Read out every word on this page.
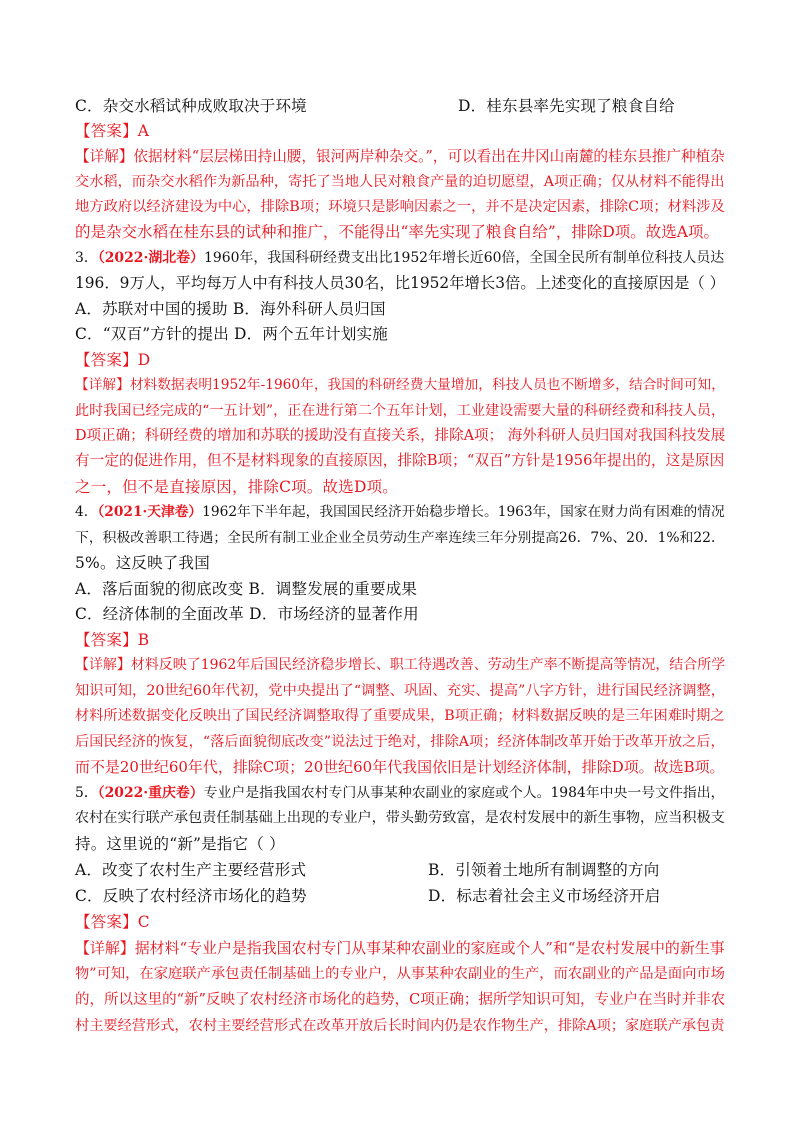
C．杂交水稻试种成败取决于环境	D．桂东县率先实现了粮食自给
【答案】A
【详解】依据材料“层层梯田持山腰，银河两岸种杂交。”，可以看出在井冈山南麓的桂东县推广种植杂
交水稻，而杂交水稻作为新品种，寄托了当地人民对粮食产量的迫切愿望，A项正确；仅从材料不能得出
地方政府以经济建设为中心，排除B项；环境只是影响因素之一，并不是决定因素，排除C项；材料涉及
的是杂交水稻在桂东县的试种和推广，不能得出“率先实现了粮食自给”，排除D项。故选A项。
3．（2022·湖北卷）1960年，我国科研经费支出比1952年增长近60倍，全国全民所有制单位科技人员达
196．9万人，平均每万人中有科技人员30名，比1952年增长3倍。上述变化的直接原因是（ ）
A．苏联对中国的援助 B．海外科研人员归国
C．“双百”方针的提出 D．两个五年计划实施
【答案】D
【详解】材料数据表明1952年-1960年，我国的科研经费大量增加，科技人员也不断增多，结合时间可知，
此时我国已经完成的“一五计划”，正在进行第二个五年计划，工业建设需要大量的科研经费和科技人员，
D项正确；科研经费的增加和苏联的援助没有直接关系，排除A项； 海外科研人员归国对我国科技发展
有一定的促进作用，但不是材料现象的直接原因，排除B项；“双百”方针是1956年提出的，这是原因
之一，但不是直接原因，排除C项。故选D项。
4．（2021·天津卷）1962年下半年起，我国国民经济开始稳步增长。1963年，国家在财力尚有困难的情况
下，积极改善职工待遇；全民所有制工业企业全员劳动生产率连续三年分别提高26．7%、20．1%和22．
5%。这反映了我国
A．落后面貌的彻底改变 B．调整发展的重要成果
C．经济体制的全面改革 D．市场经济的显著作用
【答案】B
【详解】材料反映了1962年后国民经济稳步增长、职工待遇改善、劳动生产率不断提高等情况，结合所学
知识可知，20世纪60年代初，党中央提出了“调整、巩固、充实、提高”八字方针，进行国民经济调整，
材料所述数据变化反映出了国民经济调整取得了重要成果，B项正确；材料数据反映的是三年困难时期之
后国民经济的恢复，“落后面貌彻底改变”说法过于绝对，排除A项；经济体制改革开始于改革开放之后，
而不是20世纪60年代，排除C项；20世纪60年代我国依旧是计划经济体制，排除D项。故选B项。
5．（2022·重庆卷）专业户是指我国农村专门从事某种农副业的家庭或个人。1984年中央一号文件指出，
农村在实行联产承包责任制基础上出现的专业户，带头勤劳致富，是农村发展中的新生事物，应当积极支
持。这里说的“新”是指它（ ）
A．改变了农村生产主要经营形式	B．引领着土地所有制调整的方向
C．反映了农村经济市场化的趋势	D．标志着社会主义市场经济开启
【答案】C
【详解】据材料“专业户是指我国农村专门从事某种农副业的家庭或个人”和“是农村发展中的新生事
物”可知，在家庭联产承包责任制基础上的专业户，从事某种农副业的生产，而农副业的产品是面向市场
的，所以这里的“新”反映了农村经济市场化的趋势，C项正确；据所学知识可知，专业户在当时并非农
村主要经营形式，农村主要经营形式在改革开放后长时间内仍是农作物生产，排除A项；家庭联产承包责
